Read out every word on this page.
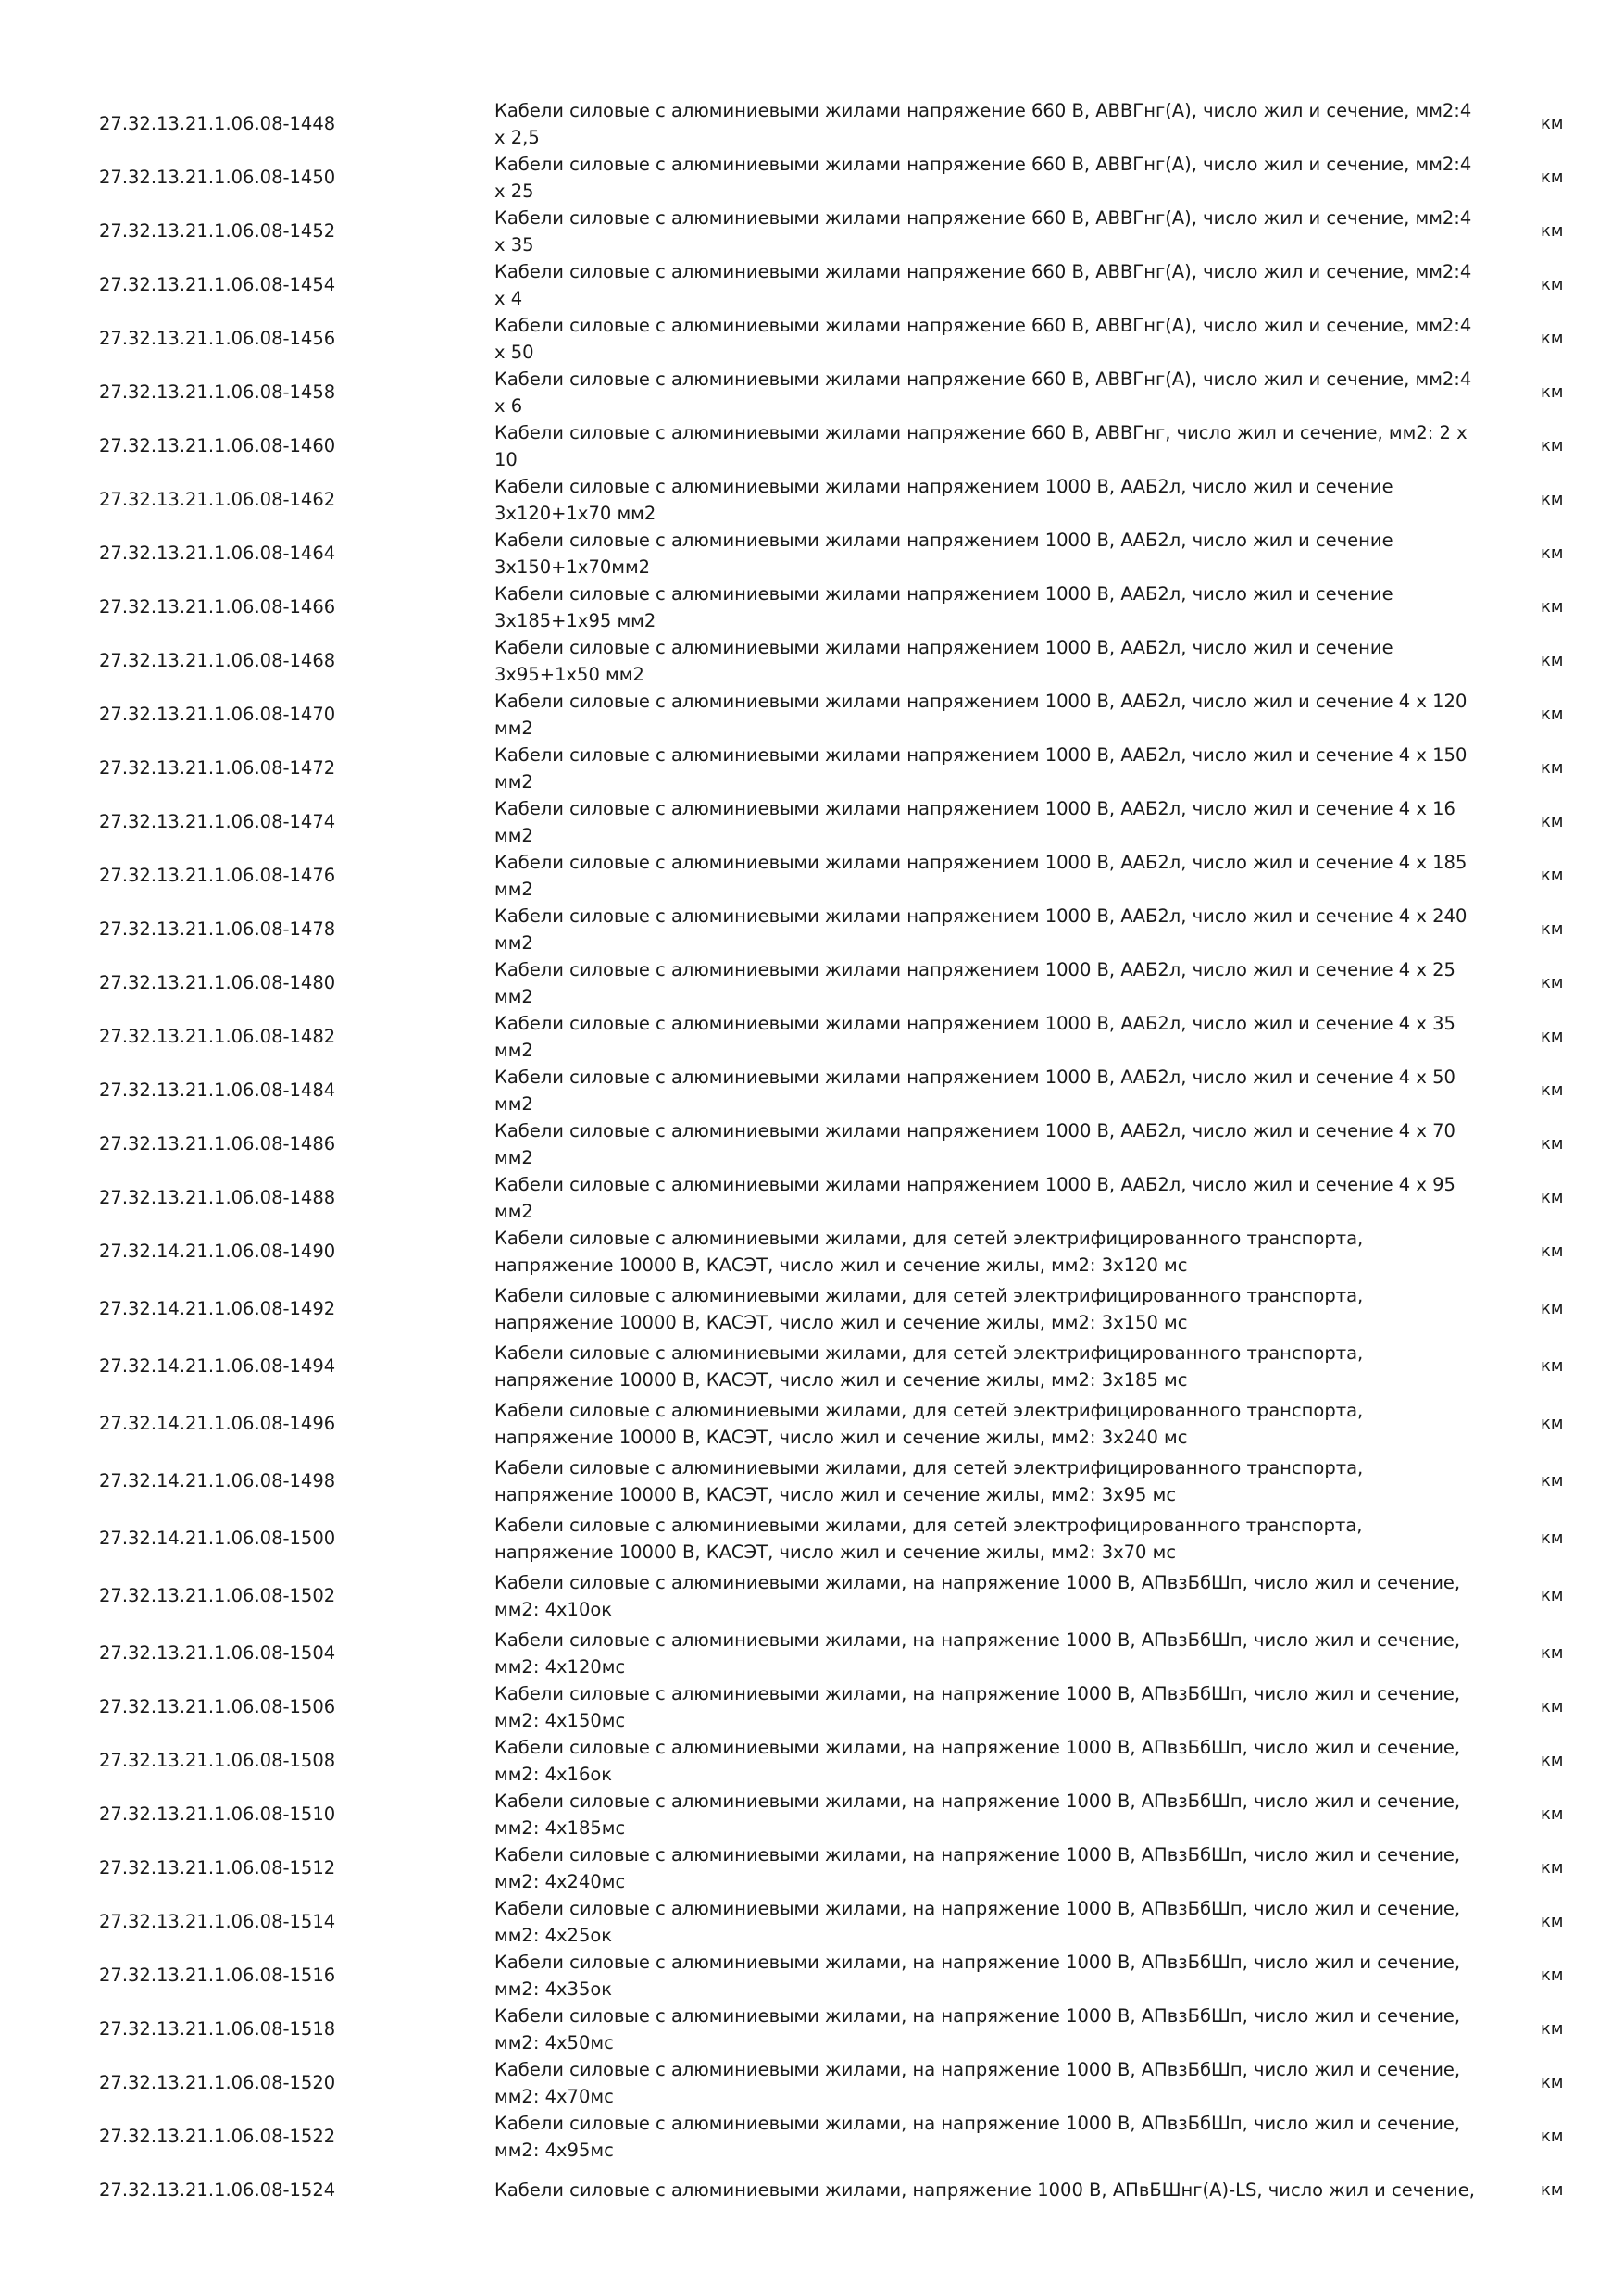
27.32.13.21.1.06.08-1448
Кабели силовые с алюминиевыми жилами напряжение 660 В, АВВГнг(А), число жил и сечение, мм2:4
х 2,5
км
27.32.13.21.1.06.08-1450
Кабели силовые с алюминиевыми жилами напряжение 660 В, АВВГнг(А), число жил и сечение, мм2:4
х 25
км
27.32.13.21.1.06.08-1452
Кабели силовые с алюминиевыми жилами напряжение 660 В, АВВГнг(А), число жил и сечение, мм2:4
х 35
км
27.32.13.21.1.06.08-1454
Кабели силовые с алюминиевыми жилами напряжение 660 В, АВВГнг(А), число жил и сечение, мм2:4
х 4
км
27.32.13.21.1.06.08-1456
Кабели силовые с алюминиевыми жилами напряжение 660 В, АВВГнг(А), число жил и сечение, мм2:4
х 50
км
27.32.13.21.1.06.08-1458
Кабели силовые с алюминиевыми жилами напряжение 660 В, АВВГнг(А), число жил и сечение, мм2:4
х 6
км
27.32.13.21.1.06.08-1460
Кабели силовые с алюминиевыми жилами напряжение 660 В, АВВГнг, число жил и сечение, мм2: 2 х
10
км
27.32.13.21.1.06.08-1462
Кабели силовые с алюминиевыми жилами напряжением 1000 В, ААБ2л, число жил и сечение
3х120+1х70 мм2
км
27.32.13.21.1.06.08-1464
Кабели силовые с алюминиевыми жилами напряжением 1000 В, ААБ2л, число жил и сечение
3х150+1х70мм2
км
27.32.13.21.1.06.08-1466
Кабели силовые с алюминиевыми жилами напряжением 1000 В, ААБ2л, число жил и сечение
3х185+1х95 мм2
км
27.32.13.21.1.06.08-1468
Кабели силовые с алюминиевыми жилами напряжением 1000 В, ААБ2л, число жил и сечение
3х95+1х50 мм2
км
27.32.13.21.1.06.08-1470
Кабели силовые с алюминиевыми жилами напряжением 1000 В, ААБ2л, число жил и сечение 4 х 120
мм2
км
27.32.13.21.1.06.08-1472
Кабели силовые с алюминиевыми жилами напряжением 1000 В, ААБ2л, число жил и сечение 4 х 150
мм2
км
27.32.13.21.1.06.08-1474
Кабели силовые с алюминиевыми жилами напряжением 1000 В, ААБ2л, число жил и сечение 4 х 16
мм2
км
27.32.13.21.1.06.08-1476
Кабели силовые с алюминиевыми жилами напряжением 1000 В, ААБ2л, число жил и сечение 4 х 185
мм2
км
27.32.13.21.1.06.08-1478
Кабели силовые с алюминиевыми жилами напряжением 1000 В, ААБ2л, число жил и сечение 4 х 240
мм2
км
27.32.13.21.1.06.08-1480
Кабели силовые с алюминиевыми жилами напряжением 1000 В, ААБ2л, число жил и сечение 4 х 25
мм2
км
27.32.13.21.1.06.08-1482
Кабели силовые с алюминиевыми жилами напряжением 1000 В, ААБ2л, число жил и сечение 4 х 35
мм2
км
27.32.13.21.1.06.08-1484
Кабели силовые с алюминиевыми жилами напряжением 1000 В, ААБ2л, число жил и сечение 4 х 50
мм2
км
27.32.13.21.1.06.08-1486
Кабели силовые с алюминиевыми жилами напряжением 1000 В, ААБ2л, число жил и сечение 4 х 70
мм2
км
27.32.13.21.1.06.08-1488
Кабели силовые с алюминиевыми жилами напряжением 1000 В, ААБ2л, число жил и сечение 4 х 95
мм2
км
27.32.14.21.1.06.08-1490
Кабели силовые с алюминиевыми жилами, для сетей электрифицированного транспорта,
напряжение 10000 В, КАСЭТ, число жил и сечение жилы, мм2: 3х120 мс
км
27.32.14.21.1.06.08-1492
Кабели силовые с алюминиевыми жилами, для сетей электрифицированного транспорта,
напряжение 10000 В, КАСЭТ, число жил и сечение жилы, мм2: 3х150 мс
км
27.32.14.21.1.06.08-1494
Кабели силовые с алюминиевыми жилами, для сетей электрифицированного транспорта,
напряжение 10000 В, КАСЭТ, число жил и сечение жилы, мм2: 3х185 мс
км
27.32.14.21.1.06.08-1496
Кабели силовые с алюминиевыми жилами, для сетей электрифицированного транспорта,
напряжение 10000 В, КАСЭТ, число жил и сечение жилы, мм2: 3х240 мс
км
27.32.14.21.1.06.08-1498
Кабели силовые с алюминиевыми жилами, для сетей электрифицированного транспорта,
напряжение 10000 В, КАСЭТ, число жил и сечение жилы, мм2: 3х95 мс
км
27.32.14.21.1.06.08-1500
Кабели силовые с алюминиевыми жилами, для сетей электрофицированного транспорта,
напряжение 10000 В, КАСЭТ, число жил и сечение жилы, мм2: 3х70 мс
км
27.32.13.21.1.06.08-1502
Кабели силовые с алюминиевыми жилами, на напряжение 1000 В, АПвзБбШп, число жил и сечение,
мм2: 4х10ок
км
27.32.13.21.1.06.08-1504
Кабели силовые с алюминиевыми жилами, на напряжение 1000 В, АПвзБбШп, число жил и сечение,
мм2: 4х120мс
км
27.32.13.21.1.06.08-1506
Кабели силовые с алюминиевыми жилами, на напряжение 1000 В, АПвзБбШп, число жил и сечение,
мм2: 4х150мс
км
27.32.13.21.1.06.08-1508
Кабели силовые с алюминиевыми жилами, на напряжение 1000 В, АПвзБбШп, число жил и сечение,
мм2: 4х16ок
км
27.32.13.21.1.06.08-1510
Кабели силовые с алюминиевыми жилами, на напряжение 1000 В, АПвзБбШп, число жил и сечение,
мм2: 4х185мс
км
27.32.13.21.1.06.08-1512
Кабели силовые с алюминиевыми жилами, на напряжение 1000 В, АПвзБбШп, число жил и сечение,
мм2: 4х240мс
км
27.32.13.21.1.06.08-1514
Кабели силовые с алюминиевыми жилами, на напряжение 1000 В, АПвзБбШп, число жил и сечение,
мм2: 4х25ок
км
27.32.13.21.1.06.08-1516
Кабели силовые с алюминиевыми жилами, на напряжение 1000 В, АПвзБбШп, число жил и сечение,
мм2: 4х35ок
км
27.32.13.21.1.06.08-1518
Кабели силовые с алюминиевыми жилами, на напряжение 1000 В, АПвзБбШп, число жил и сечение,
мм2: 4х50мс
км
27.32.13.21.1.06.08-1520
Кабели силовые с алюминиевыми жилами, на напряжение 1000 В, АПвзБбШп, число жил и сечение,
мм2: 4х70мс
км
27.32.13.21.1.06.08-1522
Кабели силовые с алюминиевыми жилами, на напряжение 1000 В, АПвзБбШп, число жил и сечение,
мм2: 4х95мс
км
27.32.13.21.1.06.08-1524	Кабели силовые с алюминиевыми жилами, напряжение 1000 В, АПвБШнг(А)-LS, число жил и сечение,	км
